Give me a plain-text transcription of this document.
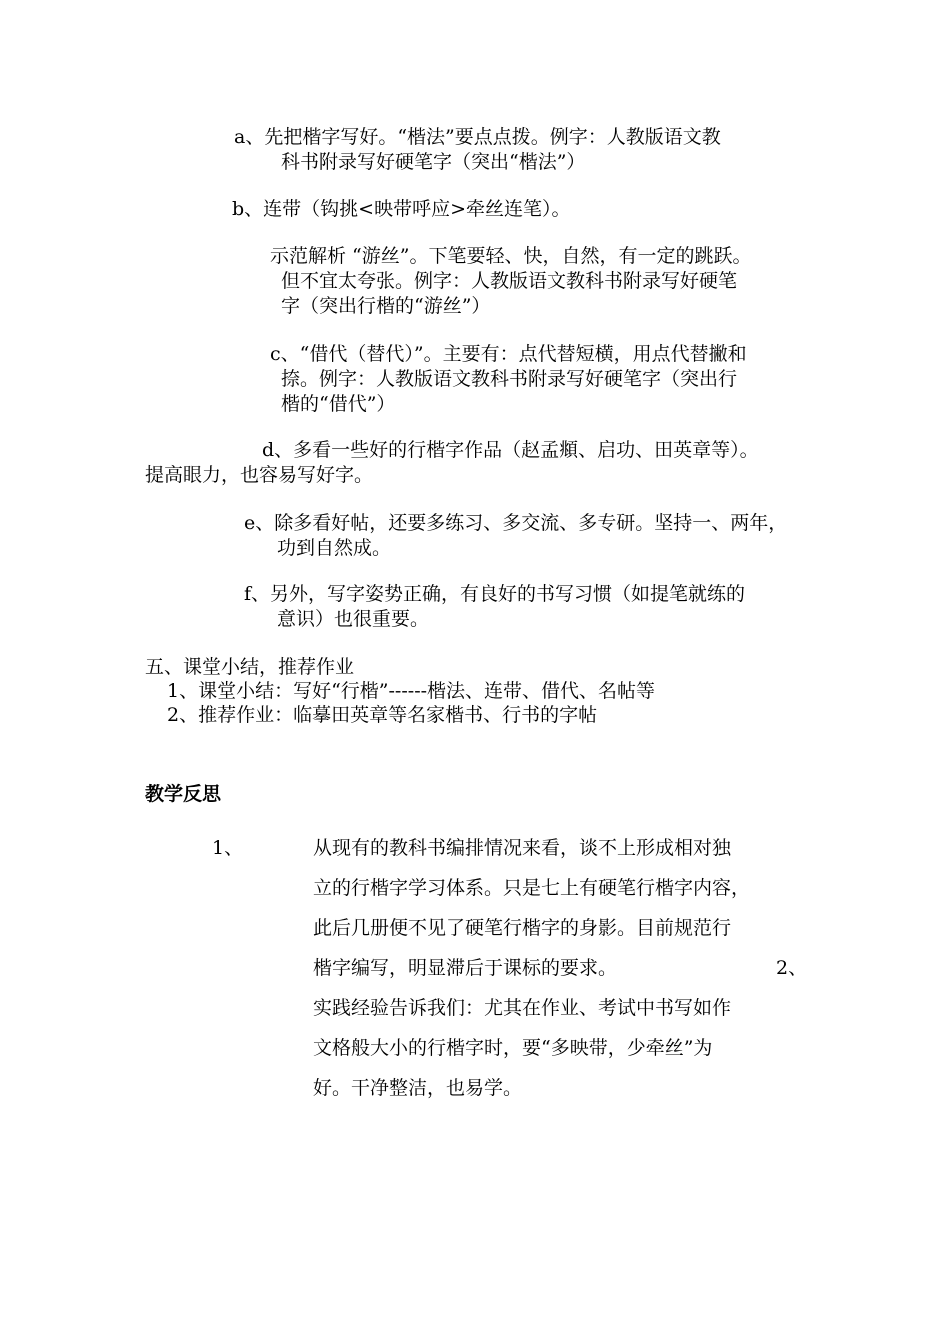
a、先把楷字写好。“楷法”要点点拨。例字：人教版语文教
科书附录写好硬笔字（突出“楷法”）
b、连带（钩挑<映带呼应>牵丝连笔）。
示范解析 “游丝”。下笔要轻、快，自然，有一定的跳跃。
但不宜太夸张。例字：人教版语文教科书附录写好硬笔
字（突出行楷的“游丝”）
c、“借代（替代）”。主要有：点代替短横，用点代替撇和
捺。例字：人教版语文教科书附录写好硬笔字（突出行
楷的“借代”）
d、多看一些好的行楷字作品（赵孟頫、启功、田英章等）。
提高眼力，也容易写好字。
e、除多看好帖，还要多练习、多交流、多专研。坚持一、两年，
功到自然成。
f、另外，写字姿势正确，有良好的书写习惯（如提笔就练的
意识）也很重要。
五、课堂小结，推荐作业
1、课堂小结：写好“行楷”------楷法、连带、借代、名帖等
2、推荐作业：临摹田英章等名家楷书、行书的字帖
教学反思
1、	从现有的教科书编排情况来看，谈不上形成相对独
立的行楷字学习体系。只是七上有硬笔行楷字内容，
此后几册便不见了硬笔行楷字的身影。目前规范行
楷字编写，明显滞后于课标的要求。	2、
实践经验告诉我们：尤其在作业、考试中书写如作
文格般大小的行楷字时，要“多映带，少牵丝”为
好。干净整洁，也易学。
